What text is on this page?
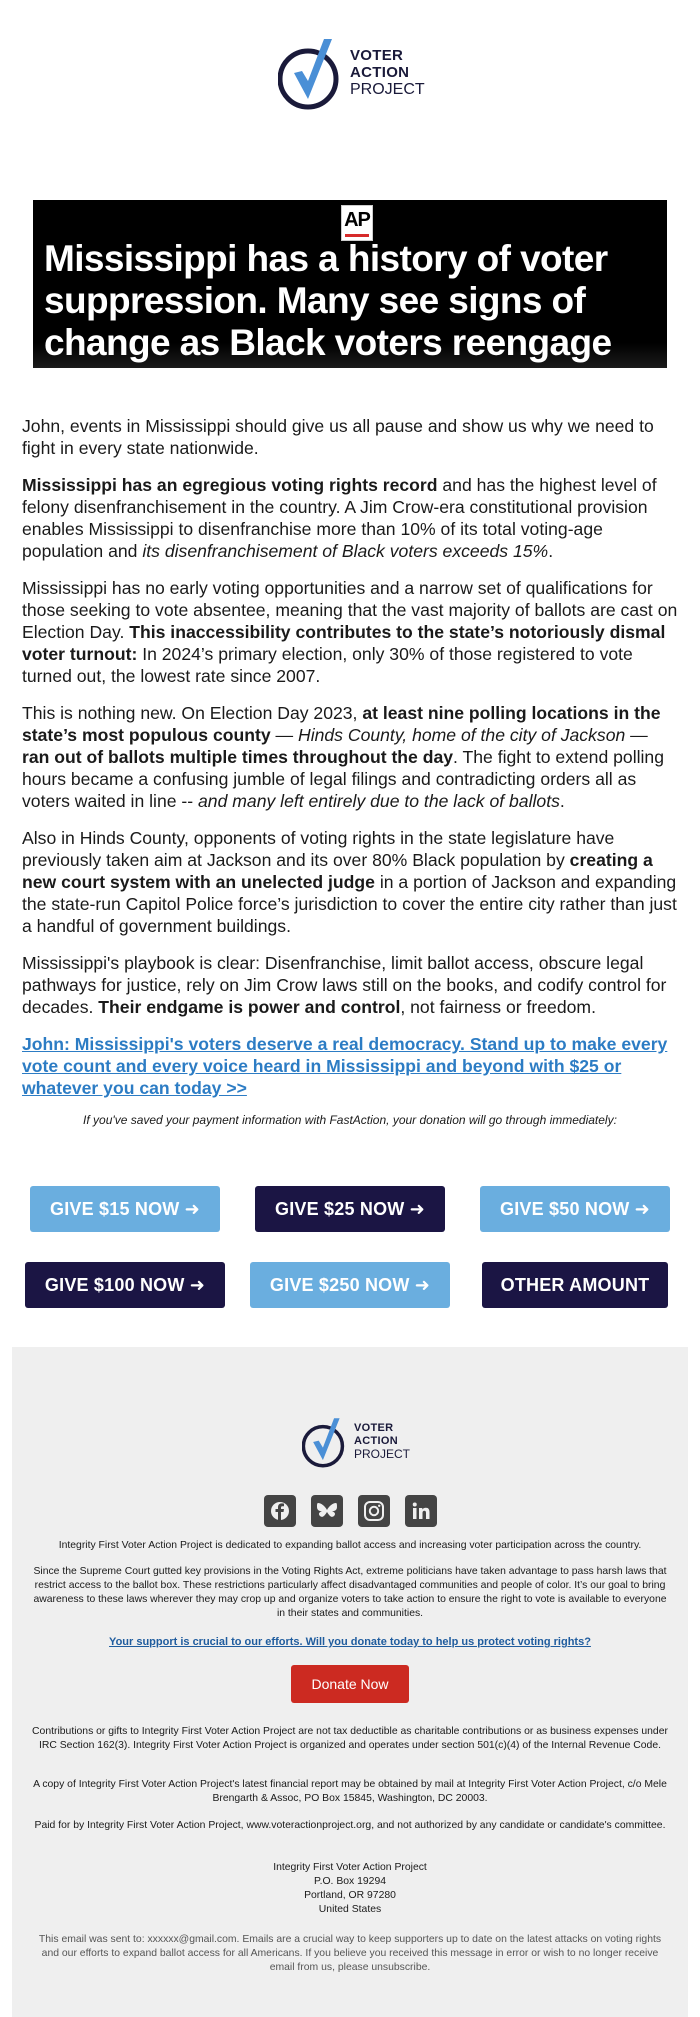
VOTER
ACTION
PROJECT
AP
Mississippi has a history of voter suppression. Many see signs of change as Black voters reengage

John, events in Mississippi should give us all pause and show us why we need to fight in every state nationwide.

Mississippi has an egregious voting rights record and has the highest level of felony disenfranchisement in the country. A Jim Crow-era constitutional provision enables Mississippi to disenfranchise more than 10% of its total voting-age population and its disenfranchisement of Black voters exceeds 15%.

Mississippi has no early voting opportunities and a narrow set of qualifications for those seeking to vote absentee, meaning that the vast majority of ballots are cast on Election Day. This inaccessibility contributes to the state’s notoriously dismal voter turnout: In 2024’s primary election, only 30% of those registered to vote turned out, the lowest rate since 2007.

This is nothing new. On Election Day 2023, at least nine polling locations in the state’s most populous county — Hinds County, home of the city of Jackson — ran out of ballots multiple times throughout the day. The fight to extend polling hours became a confusing jumble of legal filings and contradicting orders all as voters waited in line -- and many left entirely due to the lack of ballots.

Also in Hinds County, opponents of voting rights in the state legislature have previously taken aim at Jackson and its over 80% Black population by creating a new court system with an unelected judge in a portion of Jackson and expanding the state-run Capitol Police force’s jurisdiction to cover the entire city rather than just a handful of government buildings.

Mississippi's playbook is clear: Disenfranchise, limit ballot access, obscure legal pathways for justice, rely on Jim Crow laws still on the books, and codify control for decades. Their endgame is power and control, not fairness or freedom.

John: Mississippi's voters deserve a real democracy. Stand up to make every vote count and every voice heard in Mississippi and beyond with $25 or whatever you can today >>
If you've saved your payment information with FastAction, your donation will go through immediately:
GIVE $15 NOW ➜	GIVE $25 NOW ➜	GIVE $50 NOW ➜
GIVE $100 NOW ➜	GIVE $250 NOW ➜	OTHER AMOUNT
VOTER
ACTION
PROJECT
Integrity First Voter Action Project is dedicated to expanding ballot access and increasing voter participation across the country.
Since the Supreme Court gutted key provisions in the Voting Rights Act, extreme politicians have taken advantage to pass harsh laws that restrict access to the ballot box. These restrictions particularly affect disadvantaged communities and people of color. It’s our goal to bring awareness to these laws wherever they may crop up and organize voters to take action to ensure the right to vote is available to everyone in their states and communities.
Your support is crucial to our efforts. Will you donate today to help us protect voting rights?
Donate Now
Contributions or gifts to Integrity First Voter Action Project are not tax deductible as charitable contributions or as business expenses under IRC Section 162(3). Integrity First Voter Action Project is organized and operates under section 501(c)(4) of the Internal Revenue Code.
A copy of Integrity First Voter Action Project's latest financial report may be obtained by mail at Integrity First Voter Action Project, c/o Mele Brengarth & Assoc, PO Box 15845, Washington, DC 20003.
Paid for by Integrity First Voter Action Project, www.voteractionproject.org, and not authorized by any candidate or candidate's committee.
Integrity First Voter Action Project
P.O. Box 19294
Portland, OR 97280
United States
This email was sent to: xxxxxx@gmail.com. Emails are a crucial way to keep supporters up to date on the latest attacks on voting rights and our efforts to expand ballot access for all Americans. If you believe you received this message in error or wish to no longer receive email from us, please unsubscribe.
